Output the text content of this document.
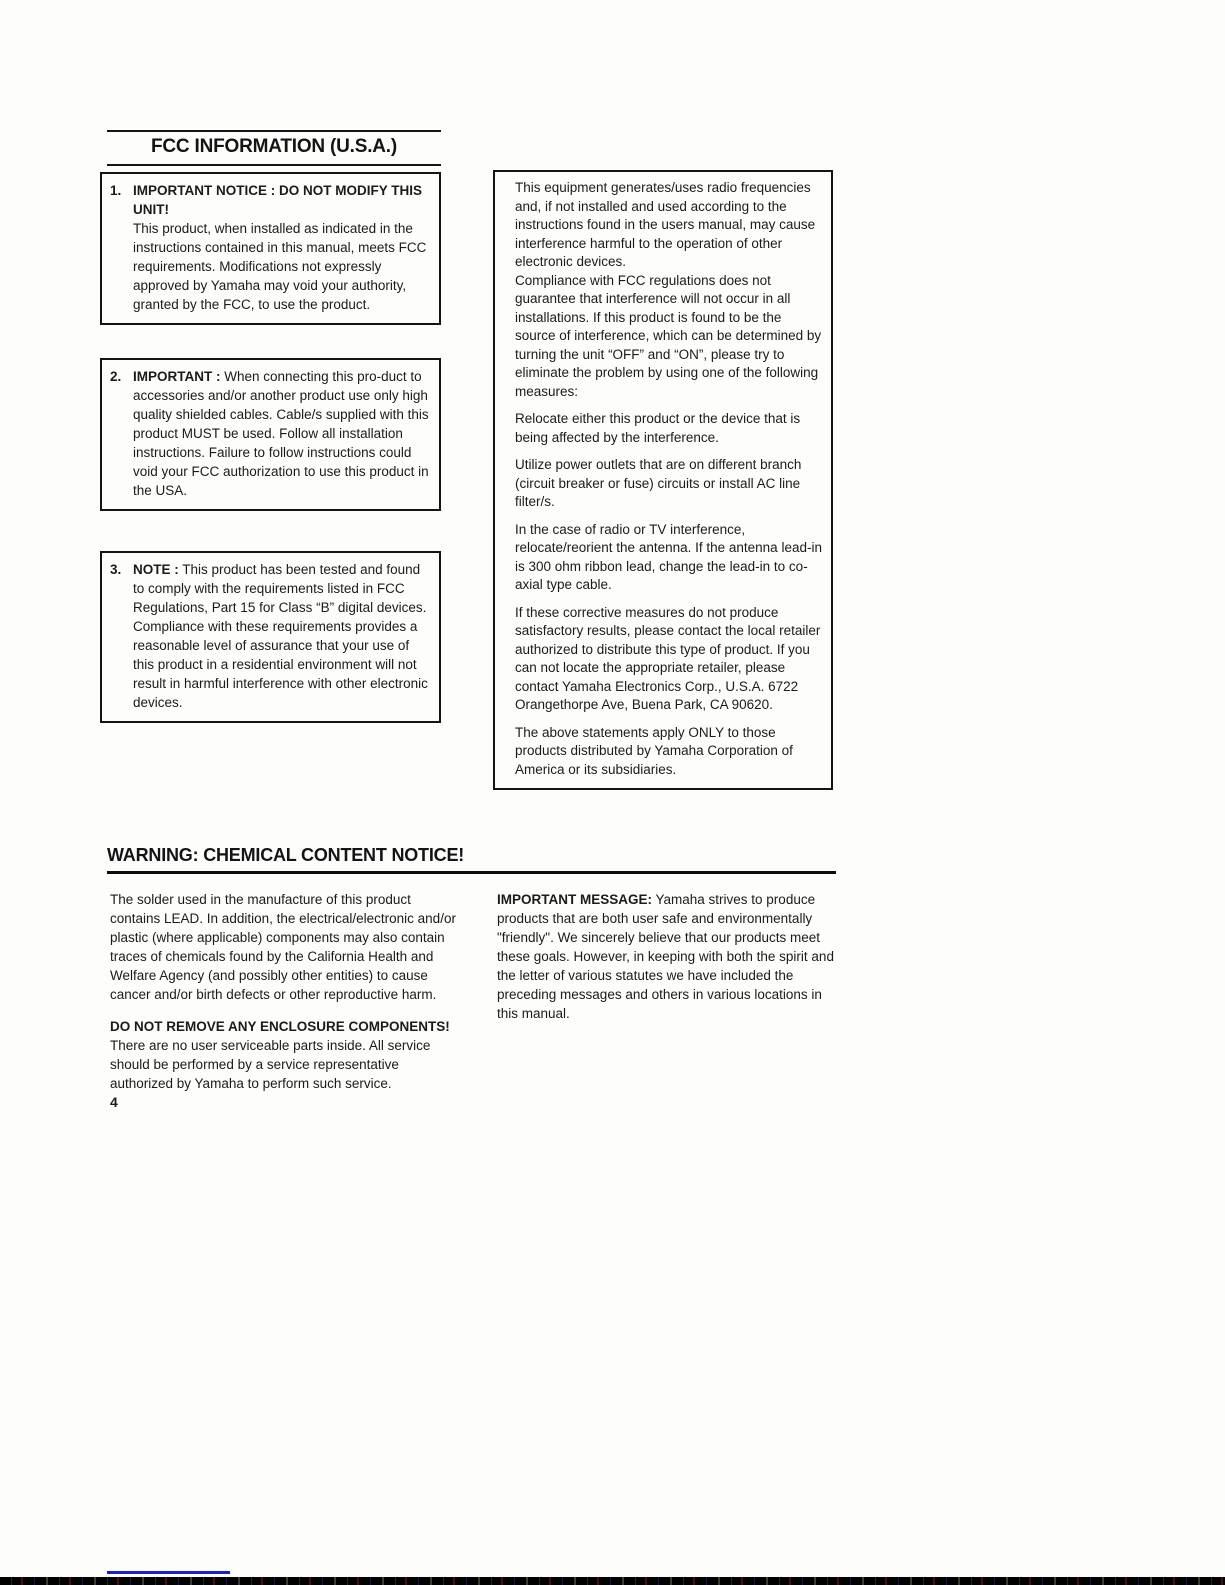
FCC INFORMATION (U.S.A.)
1. IMPORTANT NOTICE : DO NOT MODIFY THIS UNIT!

This product, when installed as indicated in the instructions contained in this manual, meets FCC requirements. Modifications not expressly approved by Yamaha may void your authority, granted by the FCC, to use the product.

2. IMPORTANT : When connecting this pro-duct to accessories and/or another product use only high quality shielded cables. Cable/s supplied with this product MUST be used. Follow all installation instructions. Failure to follow instructions could void your FCC authorization to use this product in the USA.

3. NOTE : This product has been tested and found to comply with the requirements listed in FCC Regulations, Part 15 for Class “B” digital devices. Compliance with these requirements provides a reasonable level of assurance that your use of this product in a residential environment will not result in harmful interference with other electronic devices.

This equipment generates/uses radio frequencies and, if not installed and used according to the instructions found in the users manual, may cause interference harmful to the operation of other electronic devices.

Compliance with FCC regulations does not guarantee that interference will not occur in all installations. If this product is found to be the source of interference, which can be determined by turning the unit “OFF” and “ON”, please try to eliminate the problem by using one of the following measures:

Relocate either this product or the device that is being affected by the interference.

Utilize power outlets that are on different branch (circuit breaker or fuse) circuits or install AC line filter/s.

In the case of radio or TV interference, relocate/reorient the antenna. If the antenna lead-in is 300 ohm ribbon lead, change the lead-in to co-axial type cable.

If these corrective measures do not produce satisfactory results, please contact the local retailer authorized to distribute this type of product. If you can not locate the appropriate retailer, please contact Yamaha Electronics Corp., U.S.A. 6722 Orangethorpe Ave, Buena Park, CA 90620.

The above statements apply ONLY to those products distributed by Yamaha Corporation of America or its subsidiaries.

WARNING: CHEMICAL CONTENT NOTICE!

The solder used in the manufacture of this product contains LEAD. In addition, the electrical/electronic and/or plastic (where applicable) components may also contain traces of chemicals found by the California Health and Welfare Agency (and possibly other entities) to cause cancer and/or birth defects or other reproductive harm.

DO NOT REMOVE ANY ENCLOSURE COMPONENTS!

There are no user serviceable parts inside. All service should be performed by a service representative authorized by Yamaha to perform such service.

4

IMPORTANT MESSAGE: Yamaha strives to produce products that are both user safe and environmentally "friendly". We sincerely believe that our products meet these goals. However, in keeping with both the spirit and the letter of various statutes we have included the preceding messages and others in various locations in this manual.
